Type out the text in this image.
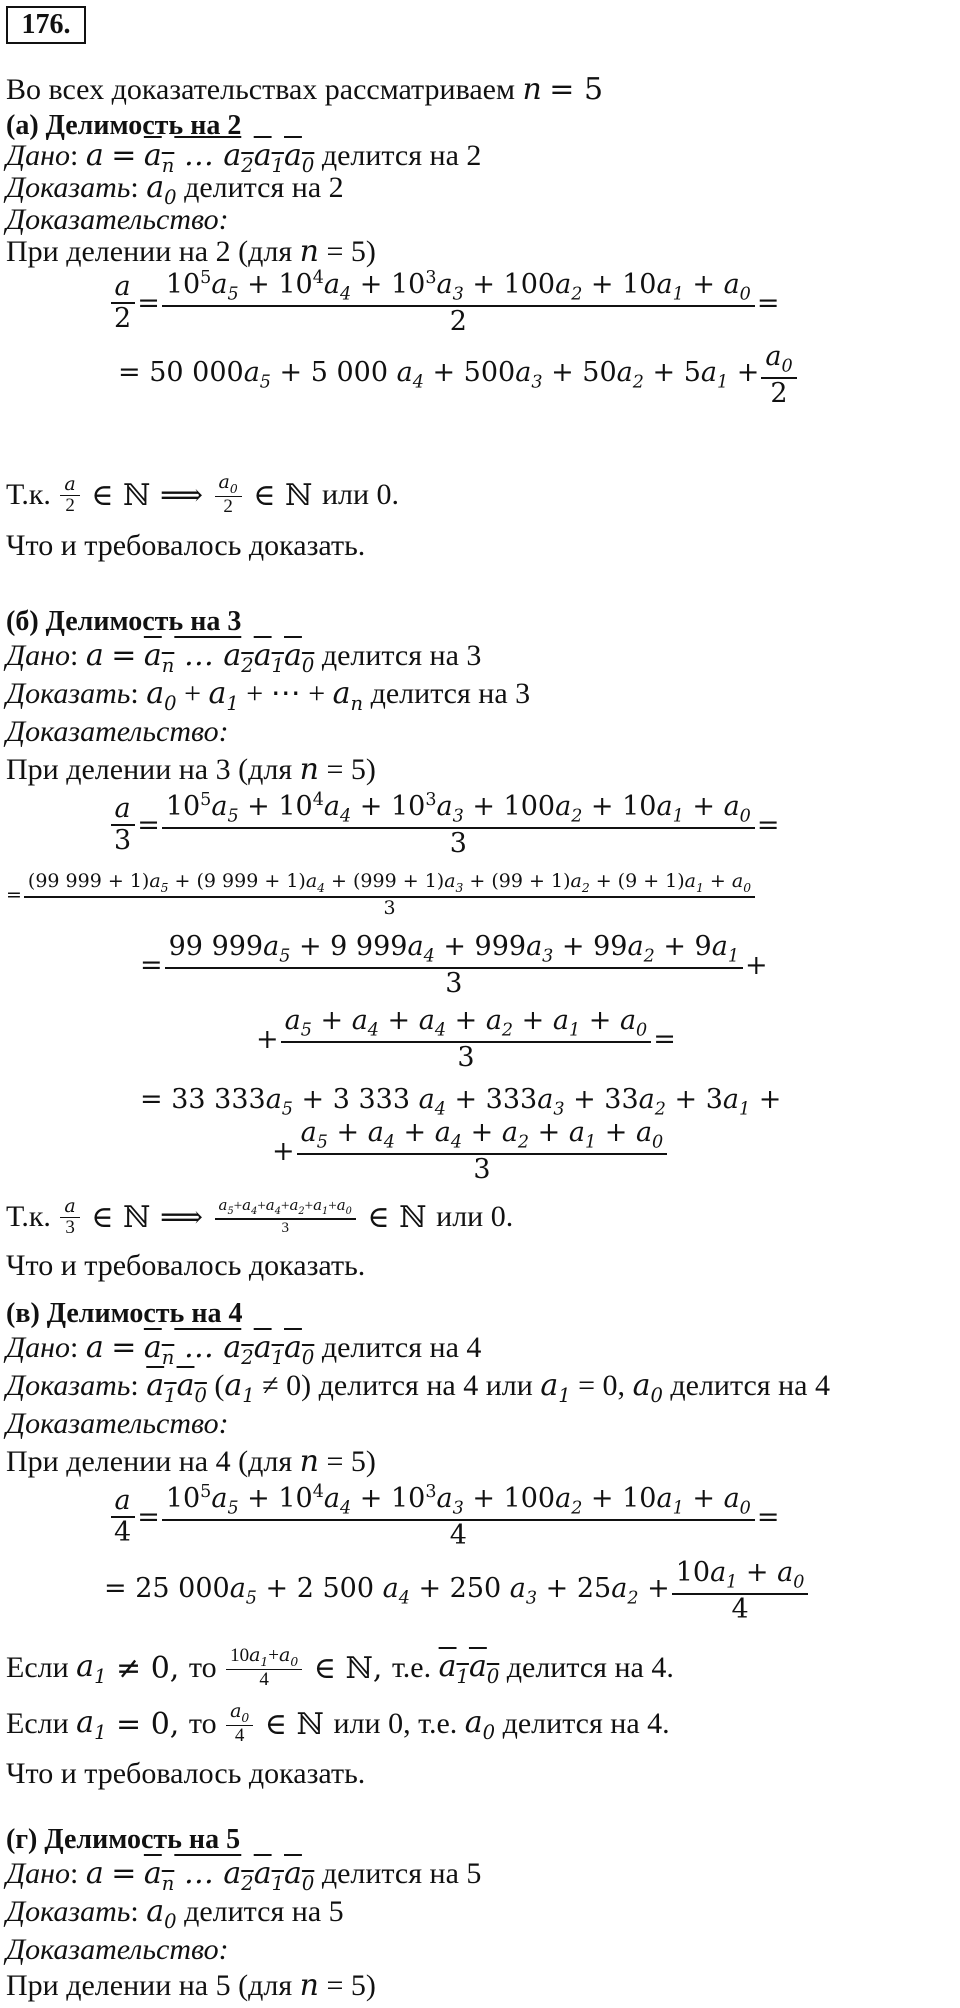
176.
Во всех доказательствах рассматриваем n = 5
(а) Делимость на 2
Дано: $a = a_n$ … $a_2a_1a_0$ делится на 2
Доказать: $a_0$ делится на 2
Доказательство:
При делении на 2 (для n = 5)
$\frac{a}{2} = \frac{10^5a_5 + 10^4a_4 + 10^3a_3 + 100a_2 + 10a_1 + a_0}{2}$ =
= 50 $000a_5 + 5$ 000 $a_4 + 500a_3 + 50a_2 + 5a_1 + \frac{a_0}{2}$
Т.к.
$\frac{a}{2}$ ∈ ℕ ⟹ $\frac{a_0}{2}$ ∈ ℕ или 0.
Что и требовалось доказать.
(б) Делимость на 3
Дано: $a = a_n$ … $a_2a_1a_0$ делится на 3
Доказать: $a_0 + a_1$ + ⋯ + $a_n$ делится на 3
Доказательство:
При делении на 3 (для n = 5)
$\frac{a}{3} = \frac{10^5a_5 + 10^4a_4 + 10^3a_3 + 100a_2 + 10a_1 + a_0}{3}$ =
=
(99 $999 + 1)a_5 + (9$ $999 + 1)a_4 + (999 + 1)a_3 + (99 + 1)a_2 + (9 + 1)a_1 + a_0$
3
= $\frac{99 999a_5 + 9 999a_4 + 999a_3 + 99a_2 + 9a_1}{3}$ +
+ $\frac{a_5 + a_4 + a_4 + a_2 + a_1 + a_0}{3}$ =
= 33 $333a_5 + 3$ 333 $a_4 + 333a_3 + 33a_2 + 3a_1$ +
+ $\frac{a_5 + a_4 + a_4 + a_2 + a_1 + a_0}{3}$
Т.к.
$\frac{a}{3}$ ∈ ℕ ⟹ $\frac{a_5+a_4+a_4+a_2+a_1+a_0}{3}$ ∈ ℕ или 0.
Что и требовалось доказать.
(в) Делимость на 4
Дано: $a = a_n$ … $a_2a_1a_0$ делится на 4
Доказать: $a_1a_0$ $(a_1 \ne 0)$ делится на 4 или $a_1 = 0$, $a_0$ делится на 4
Доказательство:
При делении на 4 (для n = 5)
$\frac{a}{4} = \frac{10^5a_5 + 10^4a_4 + 10^3a_3 + 100a_2 + 10a_1 + a_0}{4}$ =
= 25 $000a_5 + 2$ 500 $a_4 + 250$ $a_3 + 25a_2 + \frac{10a_1 + a_0}{4}$
Если
$a_1 \ne 0$, то
$\frac{10a_1+a_0}{4}$ ∈ ℕ, т.е.
$a_1a_0$
делится на 4.
Если
$a_1 = 0$, то
$\frac{a_0}{4}$ ∈ ℕ или 0, т.е.
$a_0$
делится на 4.
Что и требовалось доказать.
(г) Делимость на 5
Дано: $a = a_n$ … $a_2a_1a_0$ делится на 5
Доказать: $a_0$ делится на 5
Доказательство:
При делении на 5 (для n = 5)
